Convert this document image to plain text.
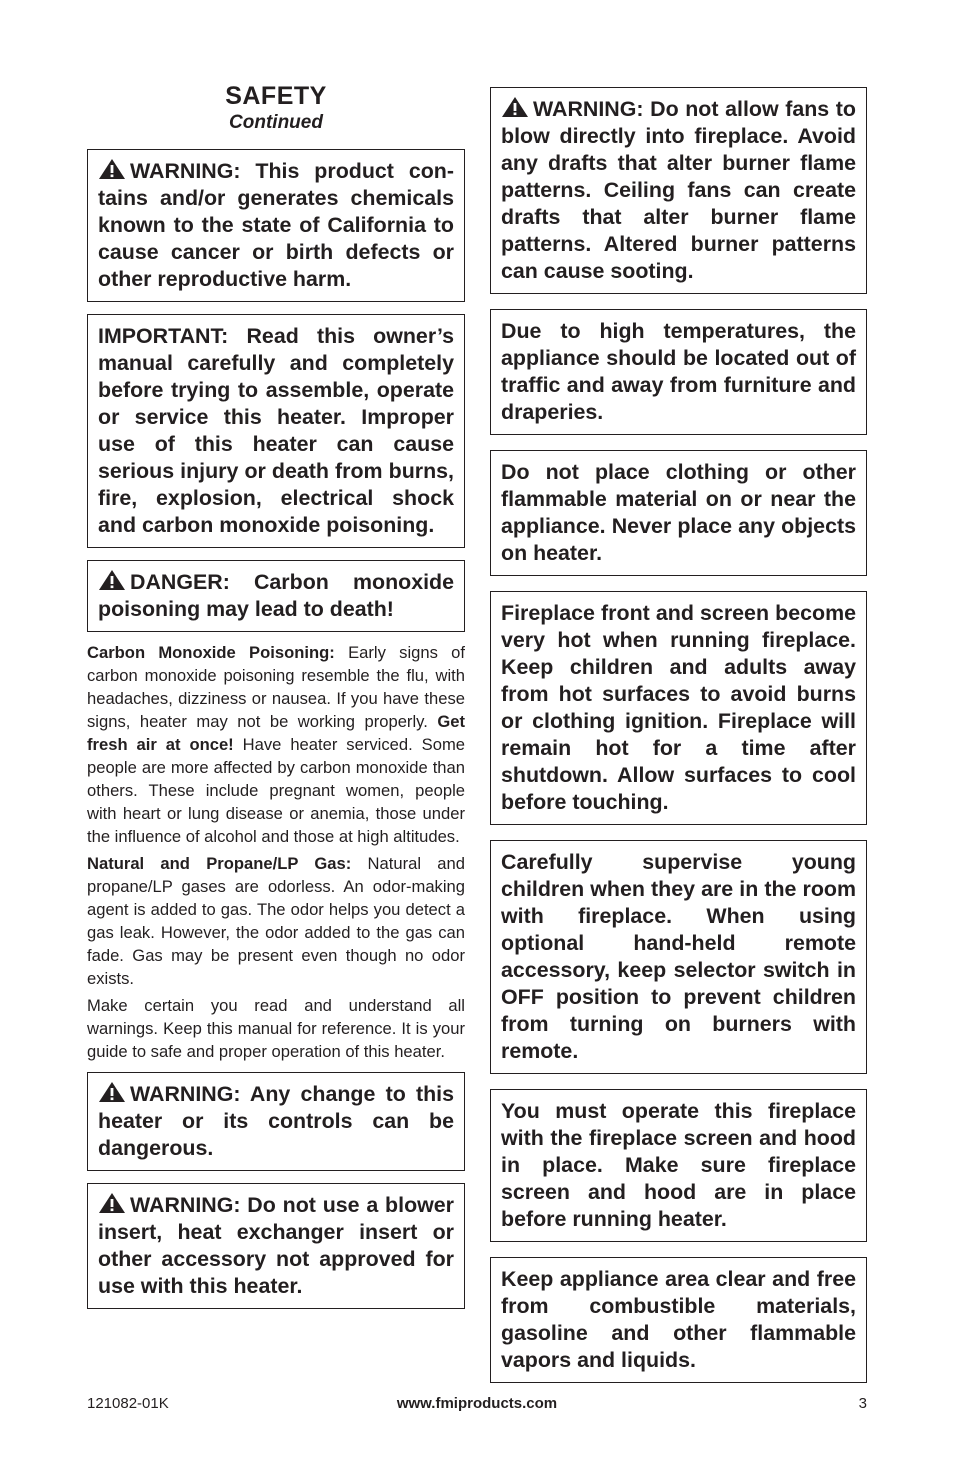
SAFETY
Continued
WARNING: This product contains and/or generates chemicals known to the state of California to cause cancer or birth defects or other reproductive harm.
IMPORTANT: Read this owner’s manual carefully and completely before trying to assemble, operate or service this heater. Improper use of this heater can cause serious injury or death from burns, fire, explosion, electrical shock and carbon monoxide poisoning.
DANGER: Carbon monoxide poisoning may lead to death!

Carbon Monoxide Poisoning: Early signs of carbon monoxide poisoning resemble the flu, with headaches, dizziness or nausea. If you have these signs, heater may not be working properly. Get fresh air at once! Have heater serviced. Some people are more affected by carbon monoxide than others. These include pregnant women, people with heart or lung disease or anemia, those under the influence of alcohol and those at high altitudes.

Natural and Propane/LP Gas: Natural and propane/LP gases are odorless. An odor-making agent is added to gas. The odor helps you detect a gas leak. However, the odor added to the gas can fade. Gas may be present even though no odor exists.

Make certain you read and understand all warnings. Keep this manual for reference. It is your guide to safe and proper operation of this heater.

WARNING: Any change to this heater or its controls can be dangerous.
WARNING: Do not use a blower insert, heat exchanger insert or other accessory not approved for use with this heater.
WARNING: Do not allow fans to blow directly into fireplace. Avoid any drafts that alter burner flame patterns. Ceiling fans can create drafts that alter burner flame patterns. Altered burner patterns can cause sooting.
Due to high temperatures, the appliance should be located out of traffic and away from furniture and draperies.
Do not place clothing or other flammable material on or near the appliance. Never place any objects on heater.
Fireplace front and screen become very hot when running fireplace. Keep children and adults away from hot surfaces to avoid burns or clothing ignition. Fireplace will remain hot for a time after shutdown. Allow surfaces to cool before touching.
Carefully supervise young children when they are in the room with fireplace. When using optional hand-held remote accessory, keep selector switch in OFF position to prevent children from turning on burners with remote.
You must operate this fireplace with the fireplace screen and hood in place. Make sure fireplace screen and hood are in place before running heater.
Keep appliance area clear and free from combustible materials, gasoline and other flammable vapors and liquids.
121082-01K	www.fmiproducts.com	3
